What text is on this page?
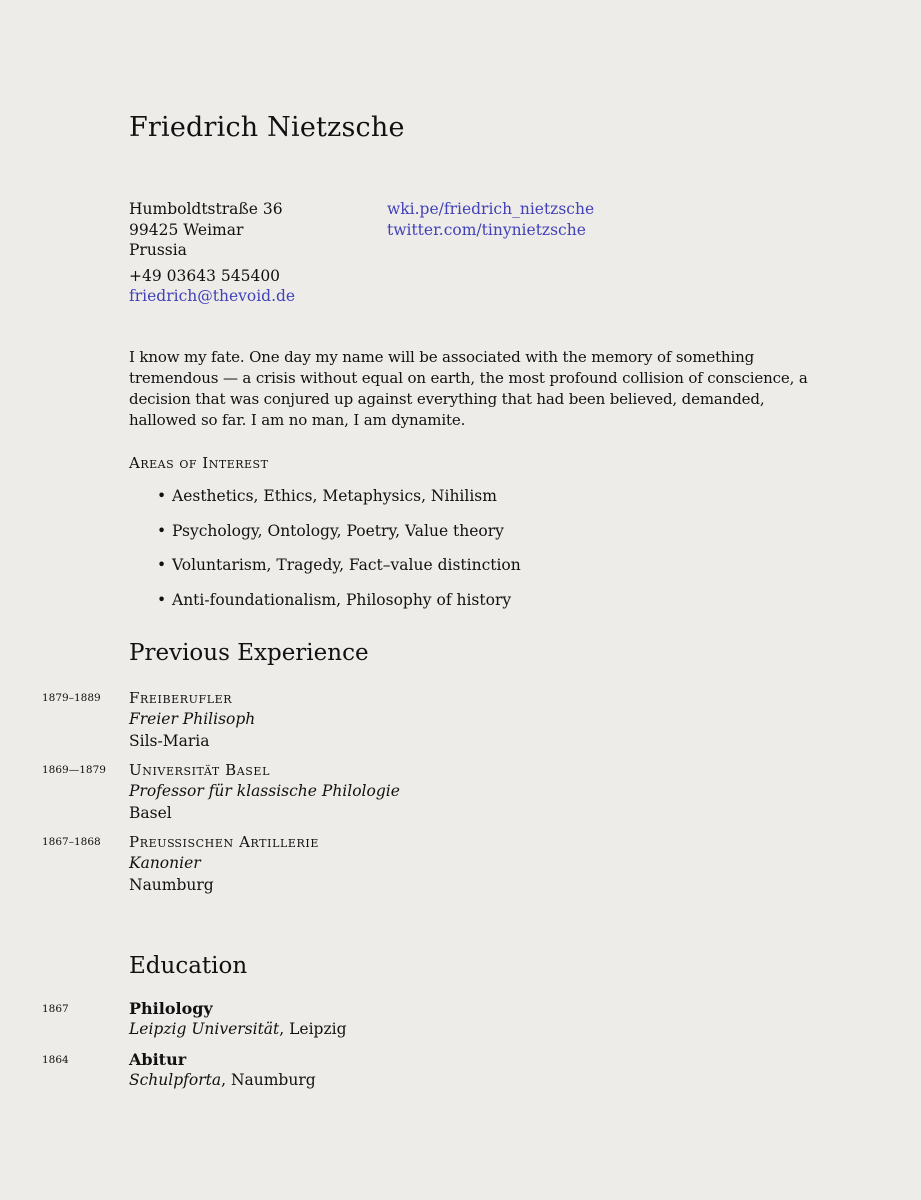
Friedrich Nietzsche
Humboldtstraße 36
99425 Weimar
Prussia
+49 03643 545400
friedrich@thevoid.de
wki.pe/friedrich_nietzsche
twitter.com/tinynietzsche

I know my fate. One day my name will be associated with the memory of something tremendous — a crisis without equal on earth, the most profound collision of conscience, a decision that was conjured up against everything that had been believed, demanded, hallowed so far. I am no man, I am dynamite.

Areas of Interest
• Aesthetics, Ethics, Metaphysics, Nihilism
• Psychology, Ontology, Poetry, Value theory
• Voluntarism, Tragedy, Fact–value distinction
• Anti-foundationalism, Philosophy of history
Previous Experience
1879–1889 Freiberufler
Freier Philisoph
Sils-Maria
1869—1879 Universität Basel
Professor für klassische Philologie
Basel
1867–1868 Preußischen Artillerie
Kanonier
Naumburg
Education
1867	Philology
Leipzig Universität, Leipzig
1864	Abitur
Schulpforta, Naumburg
